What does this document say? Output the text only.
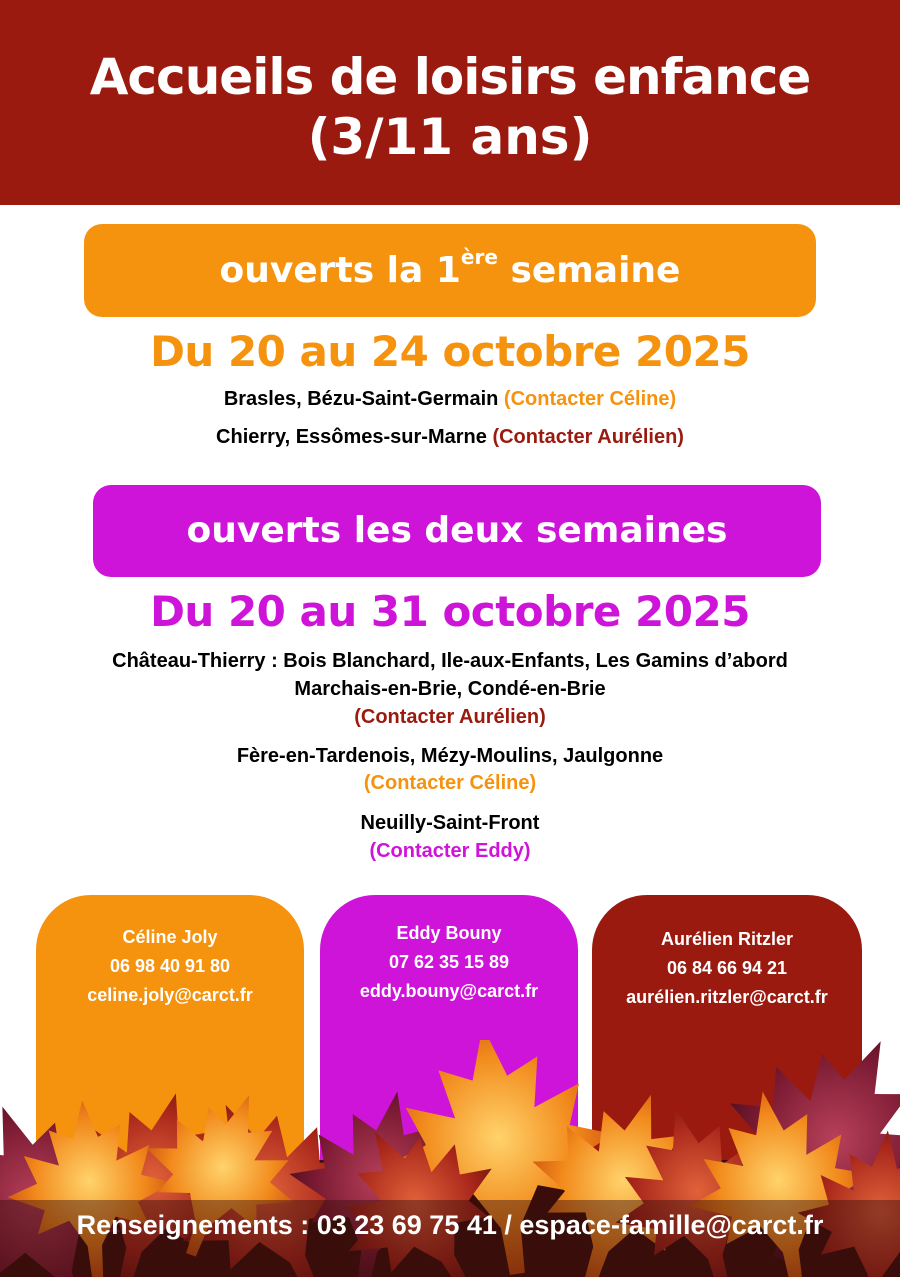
Accueils de loisirs enfance
(3/11 ans)
ouverts la 1ère semaine
Du 20 au 24 octobre 2025
Brasles, Bézu-Saint-Germain (Contacter Céline)
Chierry, Essômes-sur-Marne (Contacter Aurélien)
ouverts les deux semaines
Du 20 au 31 octobre 2025
Château-Thierry : Bois Blanchard, Ile-aux-Enfants, Les Gamins d’abord
Marchais-en-Brie, Condé-en-Brie
(Contacter Aurélien)
Fère-en-Tardenois, Mézy-Moulins, Jaulgonne
(Contacter Céline)
Neuilly-Saint-Front
(Contacter Eddy)
Céline Joly
06 98 40 91 80
celine.joly@carct.fr
Eddy Bouny
07 62 35 15 89
eddy.bouny@carct.fr
Aurélien Ritzler
06 84 66 94 21
aurélien.ritzler@carct.fr
Renseignements : 03 23 69 75 41 / espace-famille@carct.fr
